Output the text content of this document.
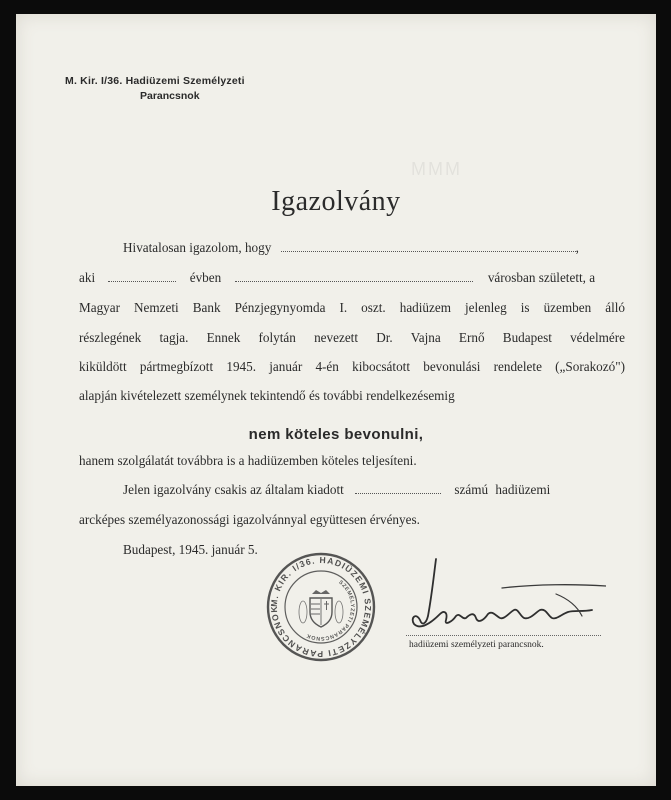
M. Kir. I/36. Hadiüzemi Személyzeti
Parancsnok
Igazolvány
Hivatalosan igazolom, hogy	,
aki	évben	városban született, a
Magyar Nemzeti Bank Pénzjegynyomda I. oszt. hadiüzem jelenleg is üzemben álló
részlegének tagja. Ennek folytán nevezett Dr. Vajna Ernő Budapest védelmére
kiküldött pártmegbízott 1945. január 4-én kibocsátott bevonulási rendelete („Sorakozó")
alapján kivételezett személynek tekintendő és további rendelkezésemig
nem köteles bevonulni,
hanem szolgálatát továbbra is a hadiüzemben köteles teljesíteni.
Jelen igazolvány csakis az általam kiadott	számú hadiüzemi
arcképes személyazonossági igazolvánnyal együttesen érvényes.
Budapest, 1945. január 5.
MMM
M. KIR. I/36. HADIÜZEMI SZEMÉLYZETI PARANCSNOK
SZEMÉLYZETI PARANCSNOK
hadiüzemi személyzeti parancsnok.
